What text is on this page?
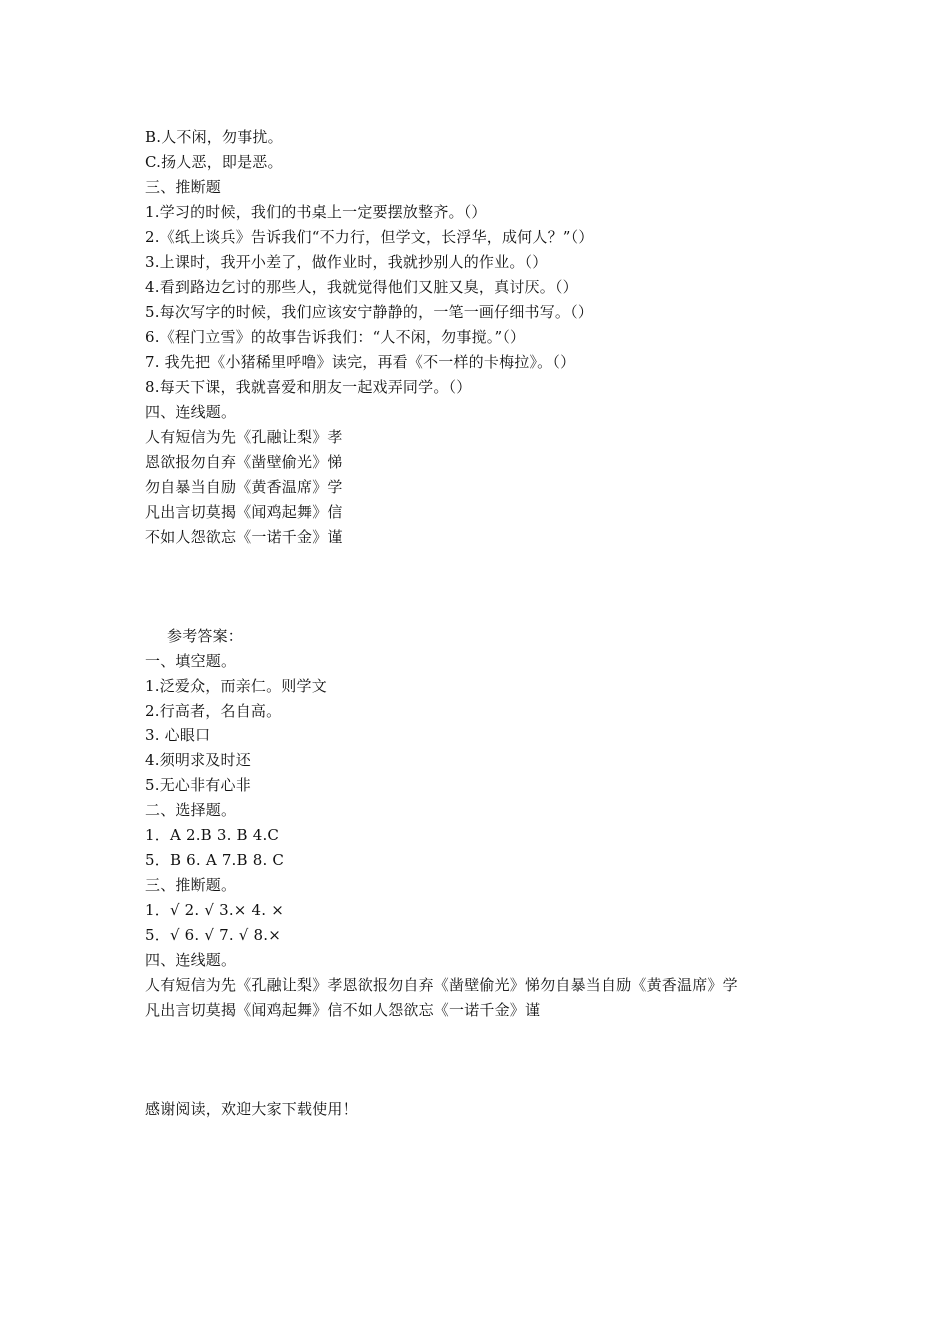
B.人不闲，勿事扰。
C.扬人恶，即是恶。
三、推断题
1.学习的时候，我们的书桌上一定要摆放整齐。（）
2.《纸上谈兵》告诉我们“不力行，但学文，长浮华，成何人？”（）
3.上课时，我开小差了，做作业时，我就抄别人的作业。（）
4.看到路边乞讨的那些人，我就觉得他们又脏又臭，真讨厌。（）
5.每次写字的时候，我们应该安宁静静的，一笔一画仔细书写。（）
6.《程门立雪》的故事告诉我们：“人不闲，勿事搅。”（）
7. 我先把《小猪稀里呼噜》读完，再看《不一样的卡梅拉》。（）
8.每天下课，我就喜爱和朋友一起戏弄同学。（）
四、连线题。
人有短信为先《孔融让梨》孝
恩欲报勿自弃《凿壁偷光》悌
勿自暴当自励《黄香温席》学
凡出言切莫揭《闻鸡起舞》信
不如人怨欲忘《一诺千金》谨
参考答案：
一、填空题。
1.泛爱众，而亲仁。则学文
2.行高者，名自高。
3. 心眼口
4.须明求及时还
5.无心非有心非
二、选择题。
1．A 2.B 3. B 4.C
5．B 6. A 7.B 8. C
三、推断题。
1．√ 2. √ 3.× 4. ×
5．√ 6. √ 7. √ 8.×
四、连线题。
人有短信为先《孔融让梨》孝恩欲报勿自弃《凿壁偷光》悌勿自暴当自励《黄香温席》学
凡出言切莫揭《闻鸡起舞》信不如人怨欲忘《一诺千金》谨
感谢阅读，欢迎大家下载使用！
